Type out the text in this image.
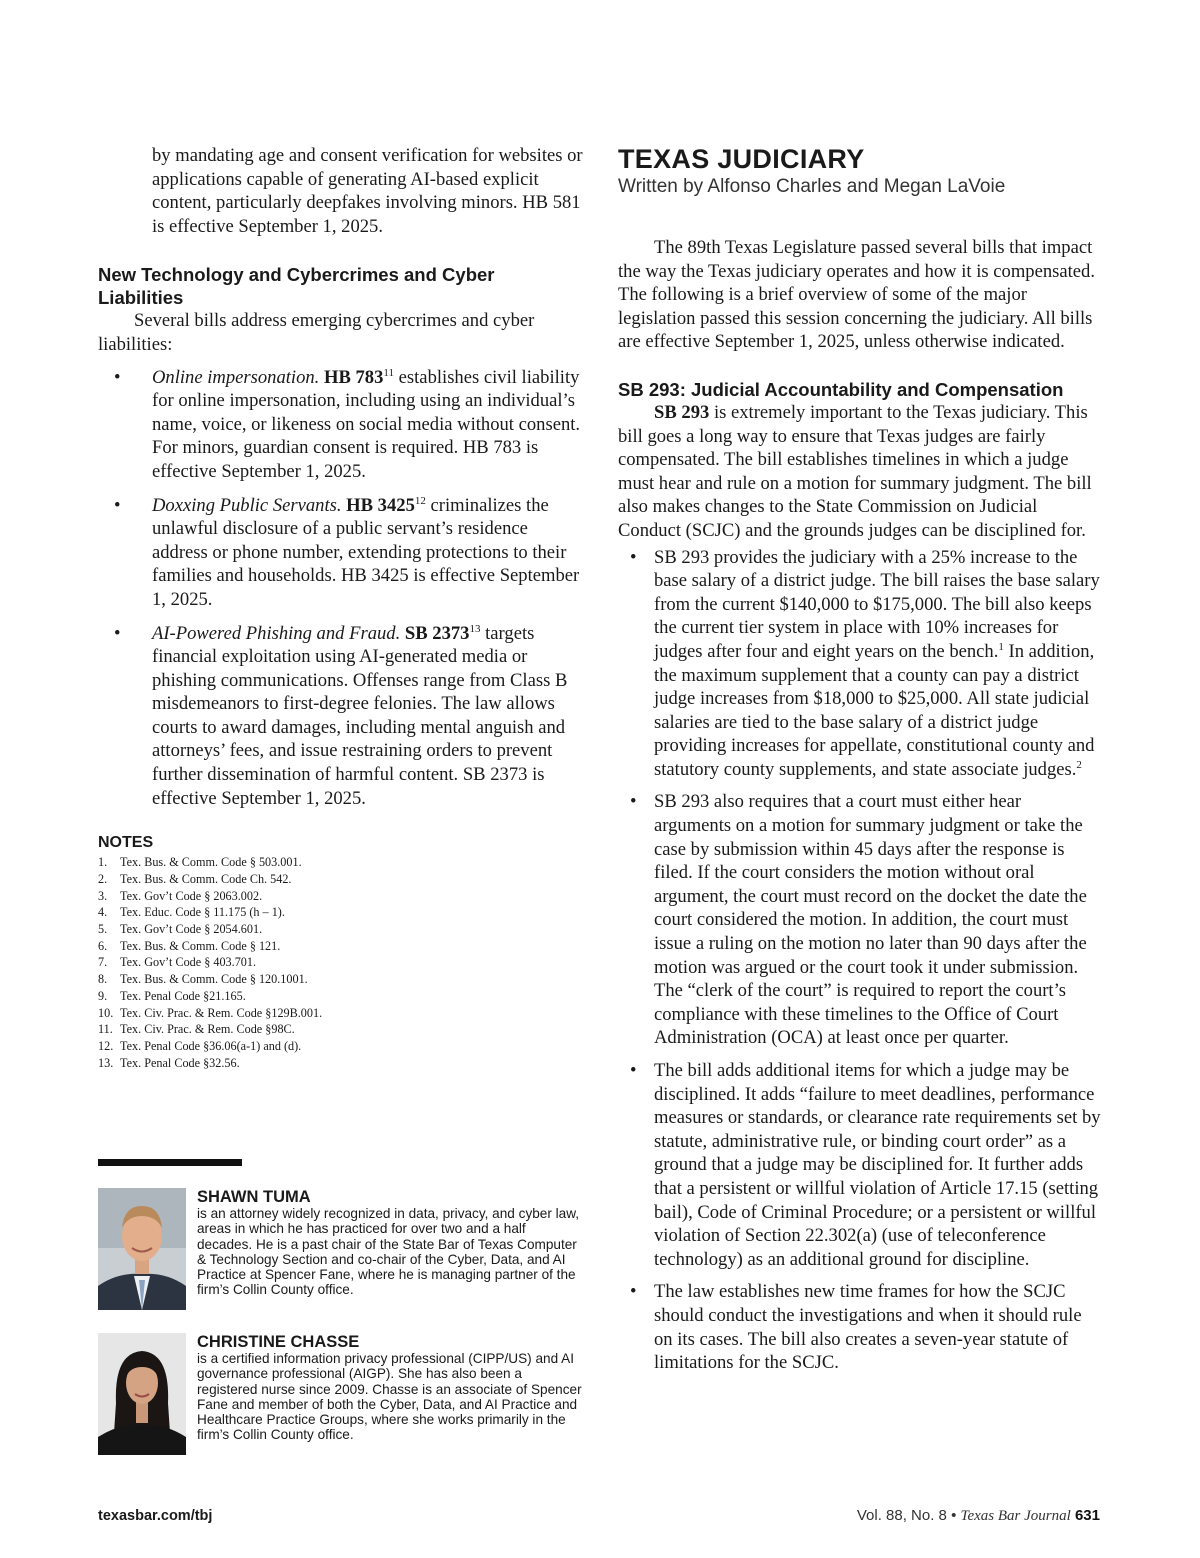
by mandating age and consent verification for websites or applications capable of generating AI-based explicit content, particularly deepfakes involving minors. HB 581 is effective September 1, 2025.

New Technology and Cybercrimes and Cyber Liabilities

Several bills address emerging cybercrimes and cyber liabilities:

• Online impersonation. HB $783^{11}$ establishes civil liability for online impersonation, including using an individual’s name, voice, or likeness on social media without consent. For minors, guardian consent is required. HB 783 is effective September 1, 2025.
• Doxxing Public Servants. HB 3425$^{12}$ criminalizes the unlawful disclosure of a public servant’s residence address or phone number, extending protections to their families and households. HB 3425 is effective September 1, 2025.
• AI-Powered Phishing and Fraud. SB 2373$^{13}$ targets financial exploitation using AI-generated media or phishing communications. Offenses range from Class B misdemeanors to first-degree felonies. The law allows courts to award damages, including mental anguish and attorneys’ fees, and issue restraining orders to prevent further dissemination of harmful content. SB 2373 is effective September 1, 2025.
NOTES
1. Tex. Bus. & Comm. Code § 503.001.
2. Tex. Bus. & Comm. Code Ch. 542.
3. Tex. Gov’t Code § 2063.002.
4. Tex. Educ. Code § 11.175 (h – 1).
5. Tex. Gov’t Code § 2054.601.
6. Tex. Bus. & Comm. Code § 121.
7. Tex. Gov’t Code § 403.701.
8. Tex. Bus. & Comm. Code § 120.1001.
9. Tex. Penal Code §21.165.
10. Tex. Civ. Prac. & Rem. Code §129B.001.
11. Tex. Civ. Prac. & Rem. Code §98C.
12. Tex. Penal Code §36.06(a-1) and (d).
13. Tex. Penal Code §32.56.

SHAWN TUMA

is an attorney widely recognized in data, privacy, and cyber law, areas in which he has practiced for over two and a half decades. He is a past chair of the State Bar of Texas Computer & Technology Section and co-chair of the Cyber, Data, and AI Practice at Spencer Fane, where he is managing partner of the firm’s Collin County office.

CHRISTINE CHASSE

is a certified information privacy professional (CIPP/US) and AI governance professional (AIGP). She has also been a registered nurse since 2009. Chasse is an associate of Spencer Fane and member of both the Cyber, Data, and AI Practice and Healthcare Practice Groups, where she works primarily in the firm’s Collin County office.

TEXAS JUDICIARY

Written by Alfonso Charles and Megan LaVoie

The 89th Texas Legislature passed several bills that impact the way the Texas judiciary operates and how it is compensated. The following is a brief overview of some of the major legislation passed this session concerning the judiciary. All bills are effective September 1, 2025, unless otherwise indicated.

SB 293: Judicial Accountability and Compensation

SB 293 is extremely important to the Texas judiciary. This bill goes a long way to ensure that Texas judges are fairly compensated. The bill establishes timelines in which a judge must hear and rule on a motion for summary judgment. The bill also makes changes to the State Commission on Judicial Conduct (SCJC) and the grounds judges can be disciplined for.

• SB 293 provides the judiciary with a 25% increase to the base salary of a district judge. The bill raises the base salary from the current $140,000 to $175,000. The bill also keeps the current tier system in place with 10% increases for judges after four and eight years on the bench.$^1$ In addition, the maximum supplement that a county can pay a district judge increases from $18,000 to $25,000. All state judicial salaries are tied to the base salary of a district judge providing increases for appellate, constitutional county and statutory county supplements, and state associate judges.$^2$
• SB 293 also requires that a court must either hear arguments on a motion for summary judgment or take the case by submission within 45 days after the response is filed. If the court considers the motion without oral argument, the court must record on the docket the date the court considered the motion. In addition, the court must issue a ruling on the motion no later than 90 days after the motion was argued or the court took it under submission. The “clerk of the court” is required to report the court’s compliance with these timelines to the Office of Court Administration (OCA) at least once per quarter.
• The bill adds additional items for which a judge may be disciplined. It adds “failure to meet deadlines, performance measures or standards, or clearance rate requirements set by statute, administrative rule, or binding court order” as a ground that a judge may be disciplined for. It further adds that a persistent or willful violation of Article 17.15 (setting bail), Code of Criminal Procedure; or a persistent or willful violation of Section 22.302(a) (use of teleconference technology) as an additional ground for discipline.
• The law establishes new time frames for how the SCJC should conduct the investigations and when it should rule on its cases. The bill also creates a seven-year statute of limitations for the SCJC.
texasbar.com/tbj	Vol. 88, No. 8 • Texas Bar Journal 631
